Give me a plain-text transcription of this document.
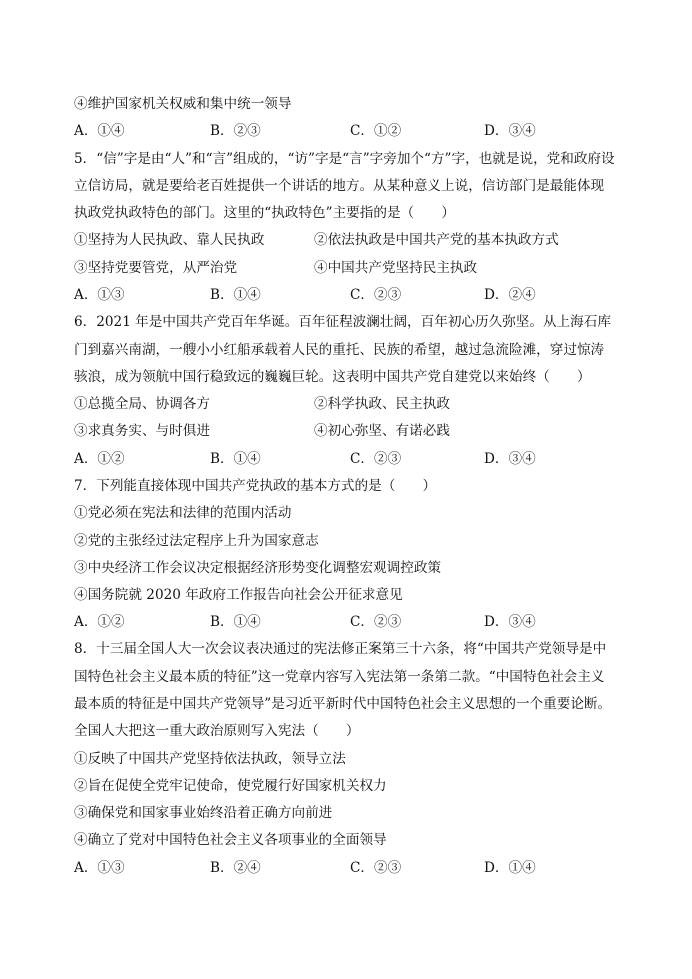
④维护国家机关权威和集中统一领导
A．①④	B．②③	C．①②	D．③④
5．“信”字是由“人”和“言”组成的，“访”字是“言”字旁加个“方”字，也就是说，党和政府设
立信访局，就是要给老百姓提供一个讲话的地方。从某种意义上说，信访部门是最能体现
执政党执政特色的部门。这里的“执政特色”主要指的是（　　）
①坚持为人民执政、靠人民执政	②依法执政是中国共产党的基本执政方式
③坚持党要管党，从严治党	④中国共产党坚持民主执政
A．①③	B．①④	C．②③	D．②④
6．2021 年是中国共产党百年华诞。百年征程波澜壮阔，百年初心历久弥坚。从上海石库
门到嘉兴南湖，一艘小小红船承载着人民的重托、民族的希望，越过急流险滩，穿过惊涛
骇浪，成为领航中国行稳致远的巍巍巨轮。这表明中国共产党自建党以来始终（　　）
①总揽全局、协调各方	②科学执政、民主执政
③求真务实、与时俱进	④初心弥坚、有诺必践
A．①②	B．①④	C．②③	D．③④
7．下列能直接体现中国共产党执政的基本方式的是（　　）
①党必须在宪法和法律的范围内活动
②党的主张经过法定程序上升为国家意志
③中央经济工作会议决定根据经济形势变化调整宏观调控政策
④国务院就 2020 年政府工作报告向社会公开征求意见
A．①②	B．①④	C．②③	D．③④
8．十三届全国人大一次会议表决通过的宪法修正案第三十六条，将“中国共产党领导是中
国特色社会主义最本质的特征”这一党章内容写入宪法第一条第二款。“中国特色社会主义
最本质的特征是中国共产党领导”是习近平新时代中国特色社会主义思想的一个重要论断。
全国人大把这一重大政治原则写入宪法（　　）
①反映了中国共产党坚持依法执政，领导立法
②旨在促使全党牢记使命，使党履行好国家机关权力
③确保党和国家事业始终沿着正确方向前进
④确立了党对中国特色社会主义各项事业的全面领导
A．①③	B．②④	C．②③	D．①④
